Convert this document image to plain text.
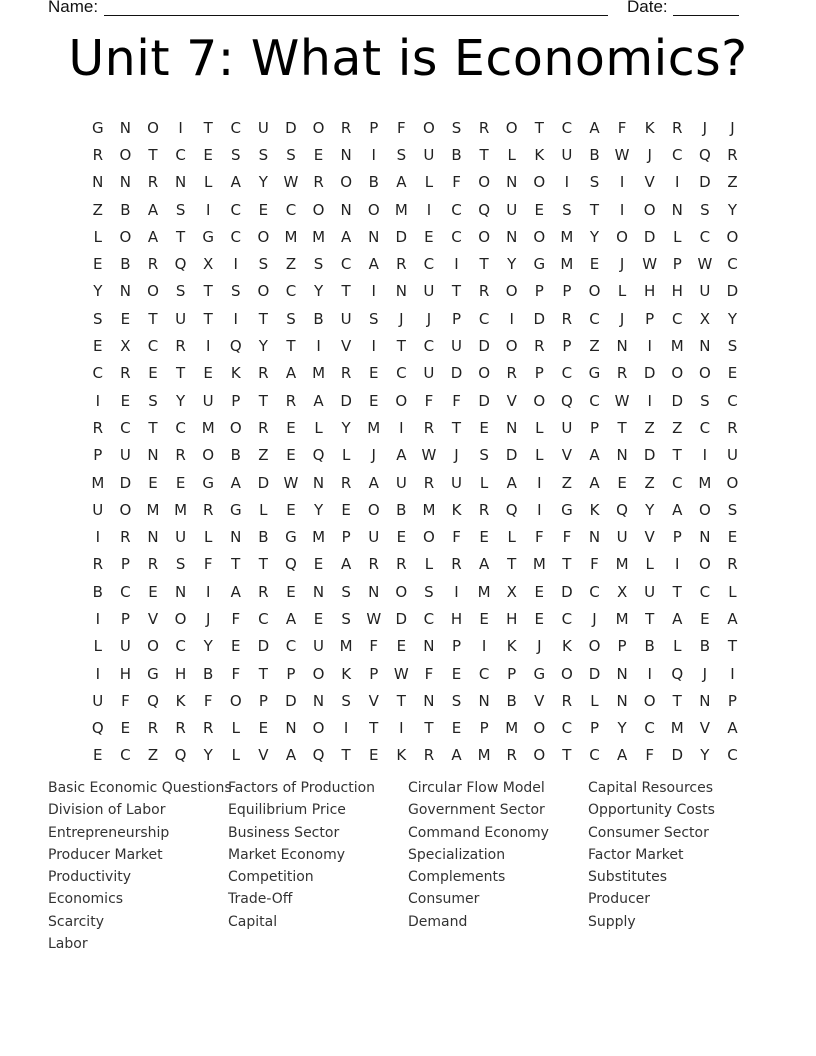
Name:	Date:
Unit 7: What is Economics?
G	N	O	I	T	C	U	D	O	R	P	F	O	S	R	O	T	C	A	F	K	R	J	J
R	O	T	C	E	S	S	S	E	N	I	S	U	B	T	L	K	U	B	W	J	C	Q	R
N	N	R	N	L	A	Y	W R	O	B	A	L	F	O	N	O	I	S	I	V	I	D	Z
Z	B	A	S	I	C	E	C	O	N	O	M	I	C	Q	U	E	S	T	I	O	N	S	Y
L	O	A	T	G	C	O	M M	A	N	D	E	C	O	N	O	M	Y	O	D	L	C	O
E	B	R	Q	X	I	S	Z	S	C	A	R	C	I	T	Y	G	M	E	J	W	P	W C
Y	N	O	S	T	S	O	C	Y	T	I	N	U	T	R	O	P	P	O	L	H	H	U	D
S	E	T	U	T	I	T	S	B	U	S	J	J	P	C	I	D	R	C	J	P	C	X	Y
E	X	C	R	I	Q	Y	T	I	V	I	T	C	U	D	O	R	P	Z	N	I	M	N	S
C	R	E	T	E	K	R	A	M	R	E	C	U	D	O	R	P	C	G	R	D	O	O	E
I	E	S	Y	U	P	T	R	A	D	E	O	F	F	D	V	O	Q	C W	I	D	S	C
R	C	T	C	M	O	R	E	L	Y	M	I	R	T	E	N	L	U	P	T	Z	Z	C	R
P	U	N	R	O	B	Z	E	Q	L	J	A	W	J	S	D	L	V	A	N	D	T	I	U
M	D	E	E	G	A	D W N	R	A	U	R	U	L	A	I	Z	A	E	Z	C	M	O
U	O	M M	R	G	L	E	Y	E	O	B	M	K	R	Q	I	G	K	Q	Y	A	O	S
I	R	N	U	L	N	B	G	M	P	U	E	O	F	E	L	F	F	N	U	V	P	N	E
R	P	R	S	F	T	T	Q	E	A	R	R	L	R	A	T	M	T	F	M	L	I	O	R
B	C	E	N	I	A	R	E	N	S	N	O	S	I	M	X	E	D	C	X	U	T	C	L
I	P	V	O	J	F	C	A	E	S	W D	C	H	E	H	E	C	J	M	T	A	E	A
L	U	O	C	Y	E	D	C	U	M	F	E	N	P	I	K	J	K	O	P	B	L	B	T
I	H	G	H	B	F	T	P	O	K	P	W	F	E	C	P	G	O	D	N	I	Q	J	I
U	F	Q	K	F	O	P	D	N	S	V	T	N	S	N	B	V	R	L	N	O	T	N	P
Q	E	R	R	R	L	E	N	O	I	T	I	T	E	P	M	O	C	P	Y	C	M	V	A
E	C	Z	Q	Y	L	V	A	Q	T	E	K	R	A	M	R	O	T	C	A	F	D	Y	C
Basic Economic Questions
Division of Labor
Entrepreneurship
Producer Market
Productivity
Economics
Scarcity
Labor
Factors of Production
Equilibrium Price
Business Sector
Market Economy
Competition
Trade-Off
Capital
Circular Flow Model
Government Sector
Command Economy
Specialization
Complements
Consumer
Demand
Capital Resources
Opportunity Costs
Consumer Sector
Factor Market
Substitutes
Producer
Supply
